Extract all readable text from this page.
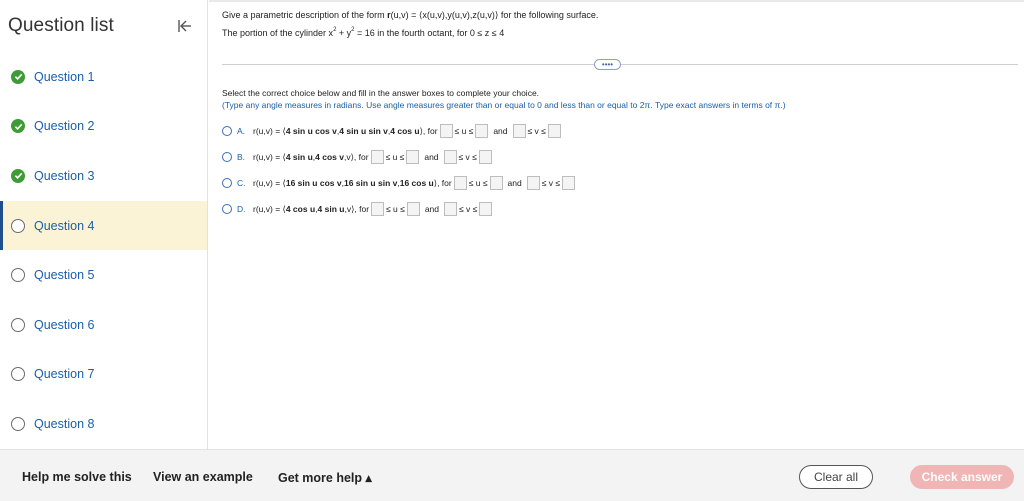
Question list
Question 1
Question 2
Question 3
Question 4
Question 5
Question 6
Question 7
Question 8
Give a parametric description of the form r(u,v) = ⟨x(u,v),y(u,v),z(u,v)⟩ for the following surface.
The portion of the cylinder $x^2 + y^2 = 16$ in the fourth octant, for 0 ≤ z ≤ 4
••••
Select the correct choice below and fill in the answer boxes to complete your choice.
(Type any angle measures in radians. Use angle measures greater than or equal to 0 and less than or equal to 2π. Type exact answers in terms of π.)
A. r(u,v) = ⟨ 4 sin u cos v , 4 sin u sin v , 4 cos u ⟩, for ≤ u ≤ and ≤ v ≤
B. r(u,v) = ⟨ 4 sin u , 4 cos v ,v⟩, for ≤ u ≤ and ≤ v ≤
C. r(u,v) = ⟨ 16 sin u cos v , 16 sin u sin v , 16 cos u ⟩, for ≤ u ≤ and ≤ v ≤
D. r(u,v) = ⟨ 4 cos u , 4 sin u ,v⟩, for ≤ u ≤ and ≤ v ≤
Help me solve this View an example Get more help ▴	Clear all	Check answer
